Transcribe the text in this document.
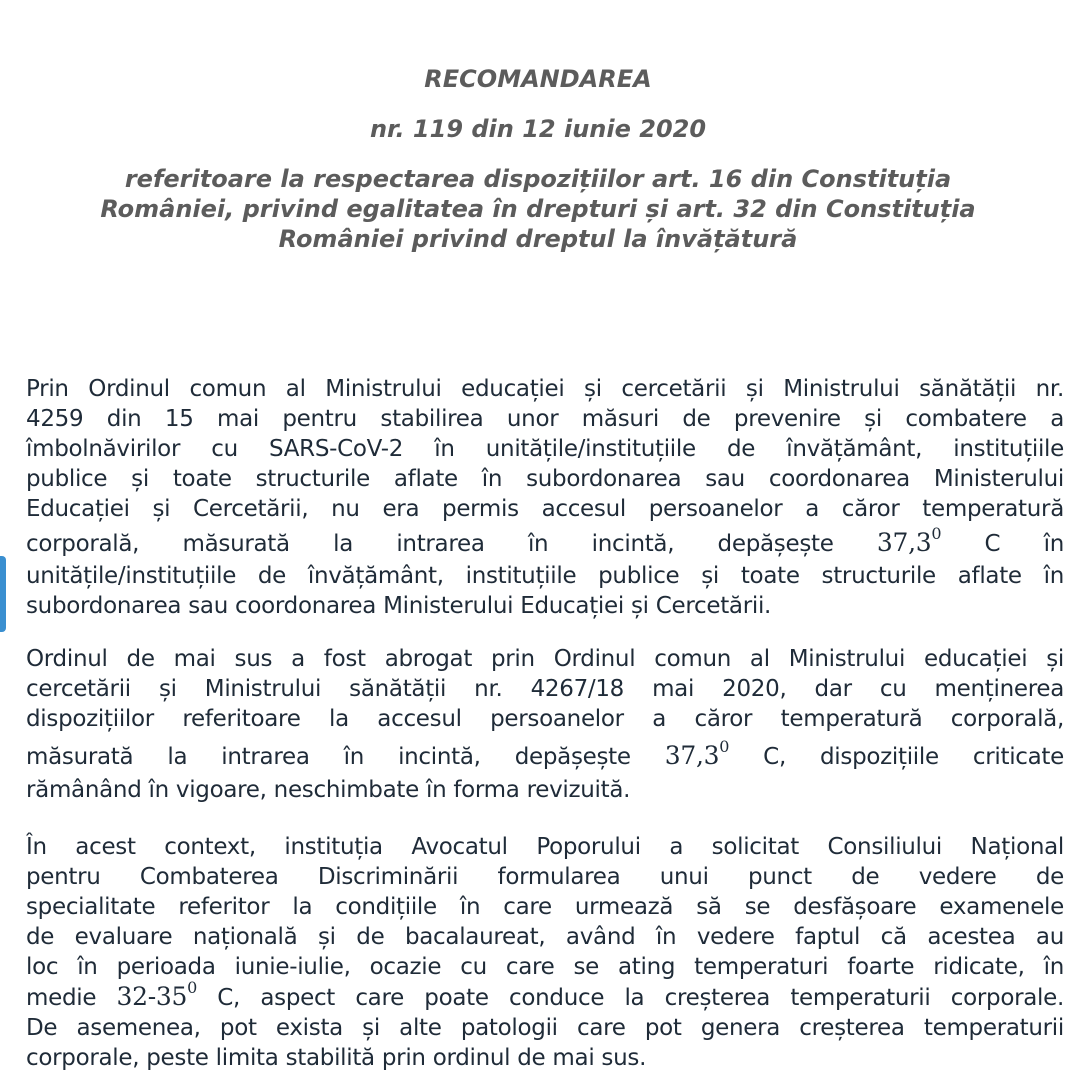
RECOMANDAREA
nr. 119 din 12 iunie 2020
referitoare la respectarea dispozițiilor art. 16 din Constituția
României, privind egalitatea în drepturi și art. 32 din Constituția
României privind dreptul la învățătură
Prin Ordinul comun al Ministrului educației și cercetării și Ministrului sănătății nr.
4259 din 15 mai pentru stabilirea unor măsuri de prevenire și combatere a
îmbolnăvirilor cu SARS-CoV-2 în unitățile/instituțiile de învățământ, instituțiile
publice și toate structurile aflate în subordonarea sau coordonarea Ministerului
Educației și Cercetării, nu era permis accesul persoanelor a căror temperatură
corporală, măsurată la intrarea în incintă, depășește 37,3$^0$ C în
unitățile/instituțiile de învățământ, instituțiile publice și toate structurile aflate în
subordonarea sau coordonarea Ministerului Educației și Cercetării.
Ordinul de mai sus a fost abrogat prin Ordinul comun al Ministrului educației și
cercetării și Ministrului sănătății nr. 4267/18 mai 2020, dar cu menținerea
dispozițiilor referitoare la accesul persoanelor a căror temperatură corporală,
măsurată la intrarea în incintă, depășește 37,3$^0$ C, dispozițiile criticate
rămânând în vigoare, neschimbate în forma revizuită.
În acest context, instituția Avocatul Poporului a solicitat Consiliului Național
pentru Combaterea Discriminării formularea unui punct de vedere de
specialitate referitor la condițiile în care urmează să se desfășoare examenele
de evaluare națională și de bacalaureat, având în vedere faptul că acestea au
loc în perioada iunie-iulie, ocazie cu care se ating temperaturi foarte ridicate, în
medie $32-35^0$ C, aspect care poate conduce la creșterea temperaturii corporale.
De asemenea, pot exista și alte patologii care pot genera creșterea temperaturii
corporale, peste limita stabilită prin ordinul de mai sus.
